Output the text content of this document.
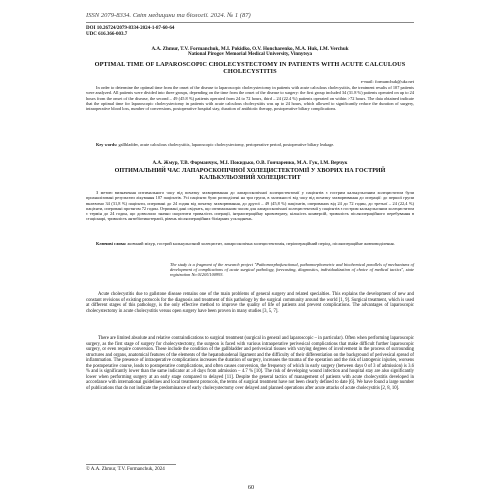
ISSN 2079-8334. Світ медицини та біології. 2024. № 1 (87)
DOI 10.26724/2079-8334-2024-1-87-60-64
UDC 616.366-003.7
A.A. Zhmur, T.V. Formanchuk, M.I. Pokidko, O.V. Honcharenko, M.A. Huk, I.M. Verchuk
National Pirogov Memorial Medical University, Vinnytsya
OPTIMAL TIME OF LAPAROSCOPIC CHOLECYSTECTOMY IN PATIENTS WITH ACUTE CALCULOUS CHOLECYSTITIS
e-mail: formanchuk@ukr.net
In order to determine the optimal time from the onset of the disease to laparoscopic cholecystectomy in patients with acute calculous cholecystitis, the treatment results of 107 patients were analyzed. All patients were divided into three groups, depending on the time from the onset of the disease to surgery: the first group included 34 (31.8 %) patients operated on up to 24 hours from the onset of the disease, the second – 49 (45.8 %) patients operated from 24 to 72 hours, third – 24 (22.4 %) patients operated on within >72 hours. The data obtained indicate that the optimal time for laparoscopic cholecystectomy in patients with acute calculous cholecystitis was up to 24 hours, which allowed to significantly reduce the duration of surgery, intraoperative blood loss, number of conversions, postoperative hospital stay, duration of antibiotic therapy, postoperative biliary complications.
Key words: gallbladder, acute calculous cholecystitis, laparoscopic cholecystectomy, perioperative period, postoperative biliary leakage.
А.А. Жмур, Т.В. Форманчук, М.І. Покидько, О.В. Гончаренко, М.А. Гук, І.М. Верчук
ОПТИМАЛЬНИЙ ЧАС ЛАПАРОСКОПІЧНОЇ ХОЛЕЦИСТЕКТОМІЇ У ХВОРИХ НА ГОСТРИЙ КАЛЬКУЛЬОЗНИЙ ХОЛЕЦИСТИТ
З метою визначення оптимального часу від початку захворювання до лапароскопічної холецистектомії у пацієнтів з гострим калькульозним холециститом були проаналізовані результати лікування 107 пацієнтів. Усі пацієнти були розподілені на три групи, в залежності від часу від початку захворювання до операції: до першої групи включено 34 (31,8 %) пацієнти, оперовані до 24 годин від початку захворювання, до другої – 49 (45,8 %) пацієнтів, оперованих від 24 до 72 годин, до третьої – 24 (22,4 %) пацієнти, оперовані протягом 72 годин. Отримані дані свідчать, що оптимальним часом для лапароскопічної холецистектомії у пацієнтів з гострим калькульозним холециститом є термін до 24 годин, що дозволило значно скоротити тривалість операції, інтраопераційну крововтрату, кількість конверсій, тривалість післяопераційного перебування в стаціонарі, тривалість антибіотикотерапії, рівень післяопераційних біліарних ускладнень.
Ключові слова: жовчний міхур, гострий калькульозний холецистит, лапароскопічна холецистектомія, періопераційний період, післяопераційне жовчовиділення.
The study is a fragment of the research project "Pathomorphofunctional, pathomorphometric and biochemical parallels of mechanisms of development of complications of acute surgical pathology, forecasting, diagnostics, individualization of choice of medical tactics", state registration No 0120U100993.
Acute cholecystitis due to gallstone disease remains one of the main problems of general surgery and related specialties. This explains the development of new and constant revisions of existing protocols for the diagnosis and treatment of this pathology by the surgical community around the world [1, 9]. Surgical treatment, which is used at different stages of this pathology, is the only effective method to improve the quality of life of patients and prevent complications. The advantages of laparoscopic cholecystectomy in acute cholecystitis versus open surgery have been proven in many studies [3, 5, 7].
There are limited absolute and relative contraindications to surgical treatment (surgical in general and laparoscopic – in particular). Often when performing laparoscopic surgery, as the first stage of surgery for cholecystectomy, the surgeon is faced with various intraoperative perivesical complications that make difficult further laparoscopic surgery, or even require conversion. These include the condition of the gallbladder and perivesical tissues with varying degrees of involvement in the process of surrounding structures and organs, anatomical features of the elements of the hepatoduodenal ligament and the difficulty of their differentiation on the background of perivesical spread of inflammation. The presence of intraoperative complications increases the duration of surgery, increases the trauma of the operation and the risk of iatrogenic injuries, worsens the postoperative course, leads to postoperative complications, and often causes conversion, the frequency of which in early surgery (between days 0 of 3 of admission) is 3.6 % and is significantly lower than the same indicator at ≥8 days from admission – 4.7 % [10]. The risk of developing wound infection and hospital stay are also significantly lower when performing surgery at an early stage compared to delayed [11]. Despite the general tactics of management of patients with acute cholecystitis developed in accordance with international guidelines and local treatment protocols, the terms of surgical treatment have not been clearly defined to date [6]. We have found a large number of publications that do not indicate the predominance of early cholecystectomy over delayed and planned operations after acute attacks of acute cholecystitis [2, 8, 10].
© A.A. Zhmur, T.V. Formanchuk, 2024
60
